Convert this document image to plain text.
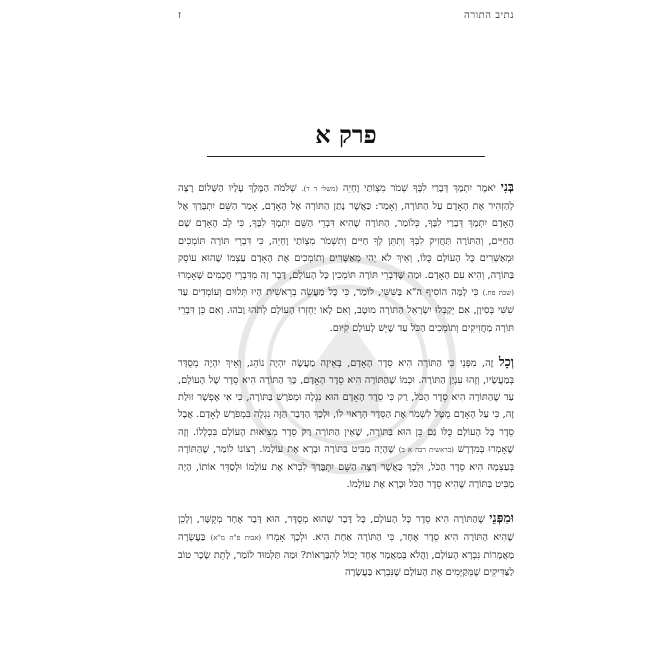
נתיב התורה
ז
פרק א

בְּנִי יֹאמֶר יִתְמָךְ דְּבָרַי לִבֶּךָ שְׁמֹר מִצְוֹתַי וֶחְיֵה (משלי ד ד). שְׁלֹמֹה הַמֶּלֶךְ עָלָיו הַשָּׁלוֹם רָצָה לְהַזְהִיר אֶת הָאָדָם עַל הַתּוֹרָה, וְאָמַר: כַּאֲשֶׁר נָתַן הַתּוֹרָה אֶל הָאָדָם, אָמַר הַשֵּׁם יִתְבָּרַךְ אֶל הָאָדָם יִתְמָךְ דְּבָרַי לִבֶּךָ, כְּלוֹמַר, הַתּוֹרָה שֶׁהִיא דִּבְרֵי הַשֵּׁם יִתְמָךְ לִבֶּךָ, כִּי לֵב הָאָדָם שָׁם הַחַיִּים, וְהַתּוֹרָה תַּחֲזִיק לִבְּךָ וְתִתֵּן לְךָ חַיִּים וְתִשְׁמֹר מִצְוֹתַי וֶחְיֵה, כִּי דִּבְרֵי תּוֹרָה תּוֹמְכִים וּמְאַשְּׁרִים כָּל הָעוֹלָם כֻּלּוֹ, וְאֵיךְ לֹא יְהִי מְאַשְּׁרִים וְתוֹמְכִים אֶת הָאָדָם עַצְמוֹ שֶׁהוּא עוֹסֵק בַּתּוֹרָה, וְהִיא עִם הָאָדָם. וּמַה שֶּׁדִּבְרֵי תּוֹרָה תּוֹמְכִין כָּל הָעוֹלָם, דָּבָר זֶה מִדִּבְרֵי חֲכָמִים שֶׁאָמְרוּ (שבת פח.) כִּי לָמָּה הוֹסִיף ה"א בַּשִּׁשִּׁי, לוֹמַר, כִּי כָּל מַעֲשֵׂה בְרֵאשִׁית הָיוּ תְּלוּיִם וְעוֹמְדִים עַד שִׁשִּׁי בְּסִיוָן, אִם יְקַבְּלוּ יִשְׂרָאֵל הַתּוֹרָה מוּטָב, וְאִם לָאו יַחְזְרוּ הָעוֹלָם לְתֹהוּ וָבֹהוּ. וְאִם כֵּן דִּבְרֵי תּוֹרָה מַחֲזִיקִים וְתוֹמְכִים הַכֹּל עַד שֶׁיֵּשׁ לָעוֹלָם קִיּוּם.

וְכָל זֶה, מִפְּנֵי כִּי הַתּוֹרָה הִיא סֵדֶר הָאָדָם, בְּאֵיזֶה מַעֲשֶׂה יִהְיֶה נוֹהֵג, וְאֵיךְ יִהְיֶה מְסֻדָּר בְּמַעֲשָׂיו, וְזֶהוּ עִנְיַן הַתּוֹרָה. וּכְמוֹ שֶׁהַתּוֹרָה הִיא סֵדֶר הָאָדָם, כָּךְ הַתּוֹרָה הִיא סֵדֶר שֶׁל הָעוֹלָם, עַד שֶׁהַתּוֹרָה הִיא סֵדֶר הַכֹּל, רַק כִּי סֵדֶר הָאָדָם הוּא נִגְלֶה וּמְפֹרָשׁ בַּתּוֹרָה, כִּי אִי אֶפְשָׁר זוּלַת זֶה, כִּי עַל הָאָדָם מֻטָּל לִשְׁמֹר אֶת הַסֵּדֶר הָרָאוּי לוֹ, וּלְכָךְ הַדָּבָר הַזֶּה נִגְלֶה בִּמְפֹרָשׁ לָאָדָם. אֲבָל סֵדֶר כָּל הָעוֹלָם כֻּלּוֹ גַּם כֵּן הוּא בַּתּוֹרָה, שֶׁאֵין הַתּוֹרָה רַק סֵדֶר מְצִיאוּת הָעוֹלָם בִּכְלָלוֹ. וְזֶה שֶׁאָמְרוּ בְּמִדְרָשׁ (בראשית רבה א ב) שֶׁהָיָה מַבִּיט בַּתּוֹרָה וּבָרָא אֶת עוֹלָמוֹ. רְצוֹנוֹ לוֹמַר, שֶׁהַתּוֹרָה בְּעַצְמָהּ הִיא סֵדֶר הַכֹּל, וּלְכָךְ כַּאֲשֶׁר רָצָה הַשֵּׁם יִתְבָּרַךְ לִבְרֹא אֶת עוֹלָמוֹ וּלְסַדֵּר אוֹתוֹ, הָיָה מַבִּיט בַּתּוֹרָה שֶׁהִיא סֵדֶר הַכֹּל וּבָרָא אֶת עוֹלָמוֹ.

וּמִפְּנֵי שֶׁהַתּוֹרָה הִיא סֵדֶר כָּל הָעוֹלָם, כָּל דָּבָר שֶׁהוּא מְסֻדָּר, הוּא דָּבָר אֶחָד מְקֻשָּׁר, וְלָכֵן שֶׁהִיא הַתּוֹרָה הִיא סֵדֶר אֶחָד, כִּי הַתּוֹרָה אַחַת הִיא. וּלְכָךְ אָמְרוּ (אבות פ"ה מ"א) בַּעֲשָׂרָה מַאֲמָרוֹת נִבְרָא הָעוֹלָם, וַהֲלֹא בְּמַאֲמָר אֶחָד יָכוֹל לְהִבָּרְאוֹת? וּמַה תַּלְמוּד לוֹמַר, לָתֵת שָׂכָר טוֹב לַצַּדִּיקִים שֶׁמְּקַיְּמִים אֶת הָעוֹלָם שֶׁנִּבְרָא בַּעֲשָׂרָה
